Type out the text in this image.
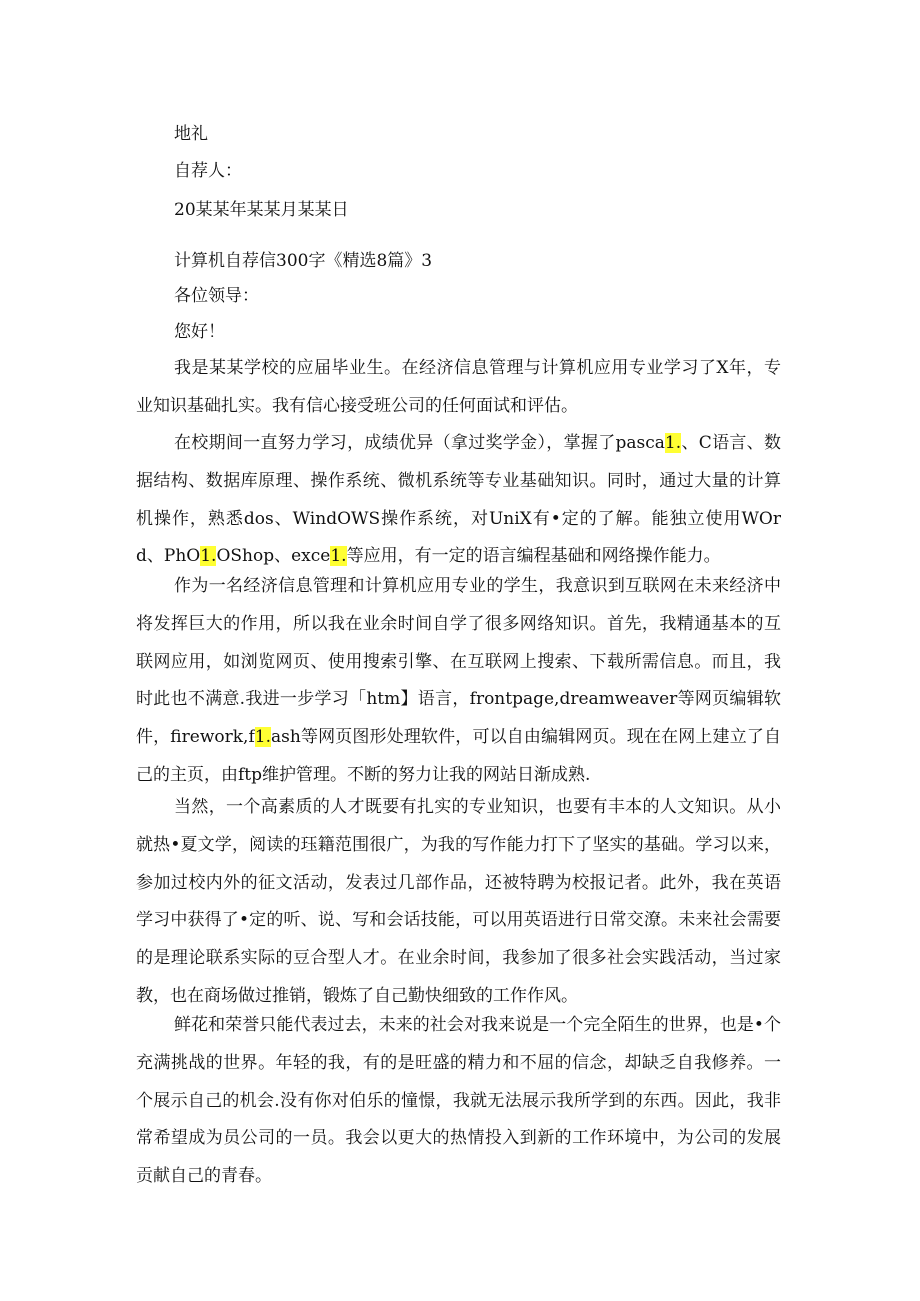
地礼
自荐人：
20某某年某某月某某日
计算机自荐信300字《精选8篇》3
各位领导：
您好！
我是某某学校的应届毕业生。在经济信息管理与计算机应用专业学习了X年，专业知识基础扎实。我有信心接受班公司的任何面试和评估。
在校期间一直努力学习，成绩优异（拿过奖学金），掌握了pasca1.、C语言、数据结构、数据库原理、操作系统、微机系统等专业基础知识。同时，通过大量的计算机操作，熟悉dos、WindOWS操作系统，对UniX有•定的了解。能独立使用WOrd、PhO1.OShop、exce1.等应用，有一定的语言编程基础和网络操作能力。
作为一名经济信息管理和计算机应用专业的学生，我意识到互联网在未来经济中将发挥巨大的作用，所以我在业余时间自学了很多网络知识。首先，我精通基本的互联网应用，如浏览网页、使用搜索引擎、在互联网上搜索、下载所需信息。而且，我时此也不满意.我进一步学习「htm】语言，frontpage,dreamweaver等网页编辑软件，firework,f1.ash等网页图形处理软件，可以自由编辑网页。现在在网上建立了自己的主页，由ftp维护管理。不断的努力让我的网站日渐成熟.
当然，一个高素质的人才既要有扎实的专业知识，也要有丰本的人文知识。从小就热•夏文学，阅读的珏籍范围很广，为我的写作能力打下了坚实的基础。学习以来，参加过校内外的征文活动，发表过几部作品，还被特聘为校报记者。此外，我在英语学习中获得了•定的听、说、写和会话技能，可以用英语进行日常交潦。未来社会需要的是理论联系实际的豆合型人才。在业余时间，我参加了很多社会实践活动，当过家教，也在商场做过推销，锻炼了自己勤快细致的工作作风。
鲜花和荣誉只能代表过去，未来的社会对我来说是一个完全陌生的世界，也是•个充满挑战的世界。年轻的我，有的是旺盛的精力和不屈的信念，却缺乏自我修养。一个展示自己的机会.没有你对伯乐的憧憬，我就无法展示我所学到的东西。因此，我非常希望成为员公司的一员。我会以更大的热情投入到新的工作环境中，为公司的发展贡献自己的青春。
